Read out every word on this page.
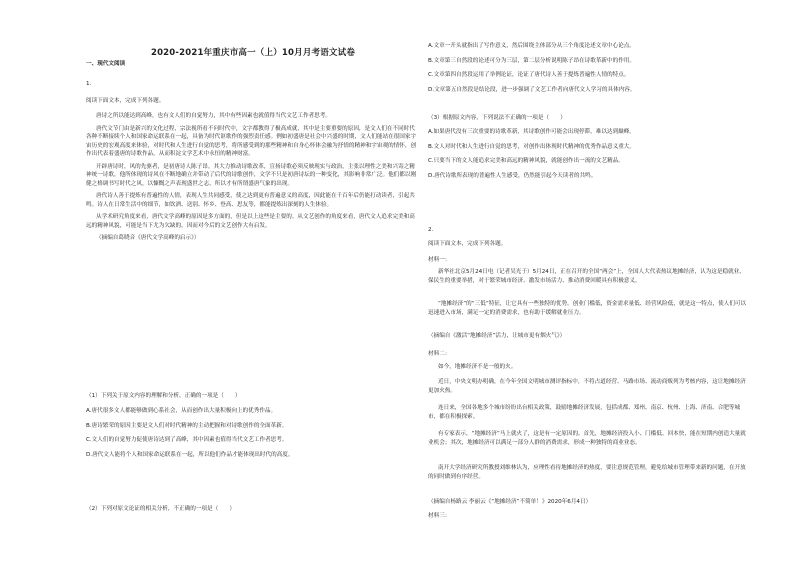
2020-2021年重庆市高一（上）10月月考语文试卷
一、现代文阅读
1.
阅读下面文本，完成下列各题。

唐诗之所以能达到高峰，也有文人们的自觉努力，其中有些因素也就值得当代文艺工作者思考。

唐代文节门由是新兴的文化过程，宗法视所看不问时代中，文字都教得了极高成就，其中是主要重要的原因，是文人们在不同时代各种不断接续个人和国家命运联系在一起，具备为时代讴歌作的强烈责任感。例如初盛唐是社会中兴盛的时期，文人们能站在很国家宇宙历史的宏观高度来体验，对时代和人生进行自觉的思考，将所感受到的那些精神和自身心怀体会融为抒情的精神和宇宙观的情怀，创作出代表着盛唐的诗歌作品，从而积淀文学艺术中永恒的精神财富。

开辟唐诗时，风的先驱者，是初唐诗人陈子昂。其大力推动诗歌改革，宣扬诗歌必须反映现实与政治，主张以理性之美和兴寄之精神统一诗歌，他所体现的诗风在不断地确立并带动了后代的诗歌创作，文学不只是初唐诗坛的一种变化，其影响非常广泛。他们都以刚健之格调书写时代之风，以慷慨之声表现盛世之志，所以才有所谓盛唐气象的出现。

唐代诗人善于提炼有普遍性的人情，表现人生共同感受，使之达到更有普遍意义的高度，因此能在千百年后仍能打动读者，引起共鸣。诗人在日常生活中的细节，如饮酒、送别、怀乡、登高、思友等，都能提炼出深刻的人生体验。

从学术研究角度来看，唐代文学高峰的原因是多方面的，但是以上这些是主要的。从文艺创作的角度来看，唐代文人追求完美和高远的精神风貌，可能是当下尤为欠缺的，因而对今后的文艺创作大有启发。

（摘编自葛晓音《唐代文学高峰的启示》）

（1）下列关于原文内容的理解和分析，正确的一项是（　　）

A.唐代很多文人都能够做到心系社会，从而创作出大量积极向上的优秀作品。

B.唐诗繁荣的原因主要是文人们对时代精神的主动把握和对诗歌创作的全面革新。

C.文人们的自觉努力促使唐诗达到了高峰，其中因素也值得当代文艺工作者思考。

D.唐代文人能将个人和国家命运联系在一起，所以他们作品才能体现出时代的高度。

（2）下列对原文论证的相关分析，不正确的一项是（　　）

A.文章一开头就指出了写作意义，然后围绕主体部分从三个角度论述文章中心论点。

B.文章第三自然段的论述可分为三层，第二层分析说明陈子昂在诗歌革新中的作用。

C.文章第四自然段运用了举例论证，论证了唐代诗人善于提炼普遍性人情的特点。

D.文章第五自然段是结论段，进一步强调了文艺工作者向唐代文人学习的具体内容。

（3）根据原文内容，下列说法不正确的一项是（　　）

A.如果唐代没有三次重要的诗歌革新，其诗歌创作可能会出现停滞，难以达到巅峰。

B.文人对时代和人生进行自觉的思考，对创作出体现时代精神的优秀作品意义重大。

C.只要当下的文人能追求完美和高远的精神风貌，就能创作出一流的文艺精品。

D.唐代诗歌所表现的普遍性人生感受，仍然能引起今天读者的共鸣。

2.
阅读下面文本，完成下列各题。
材料一：
新华社北京5月24日电（记者吴光于）5月24日，正在召开的全国“两会”上，全国人大代表热议地摊经济，认为这是稳就业、保民生的重要举措，对于繁荣城市经济、激发市场活力、推动消费回暖具有积极意义。
“地摊经济”的“三低”特征，让它具有一些独特的优势。创业门槛低，资金需求量低、经营风险低，就是这一特点，使人们可以迅速进入市场，满足一定的消费需求，也有助于缓解就业压力。
（摘编自《激活“地摊经济”活力，让城市更有烟火气》）
材料二：
如今，地摊经济不是一般的火。
近日，中央文明办明确，在今年全国文明城市测评指标中，不将占道经营、马路市场、流动商贩列为考核内容，这让地摊经济更加火热。
连日来，全国各地多个城市纷纷出台相关政策，鼓励地摊经济发展，包括成都、郑州、南京、杭州、上海、济南、合肥等城市，都在积极探索。
有专家表示，“地摊经济”马上就火了，这是有一定原因的。首先，地摊经济投入小、门槛低、回本快，能在短期内创造大量就业机会；其次，地摊经济可以满足一部分人群的消费需求，形成一种独特的商业业态。
南开大学经济研究所教授刘维林认为，应理性看待地摊经济的热度，要注意规范管理，避免给城市管理带来新的问题，在开放的同时做到有序经营。
（摘编自杨路云 李丽云《“地摊经济”不简单！》2020年6月4日）
材料三：
